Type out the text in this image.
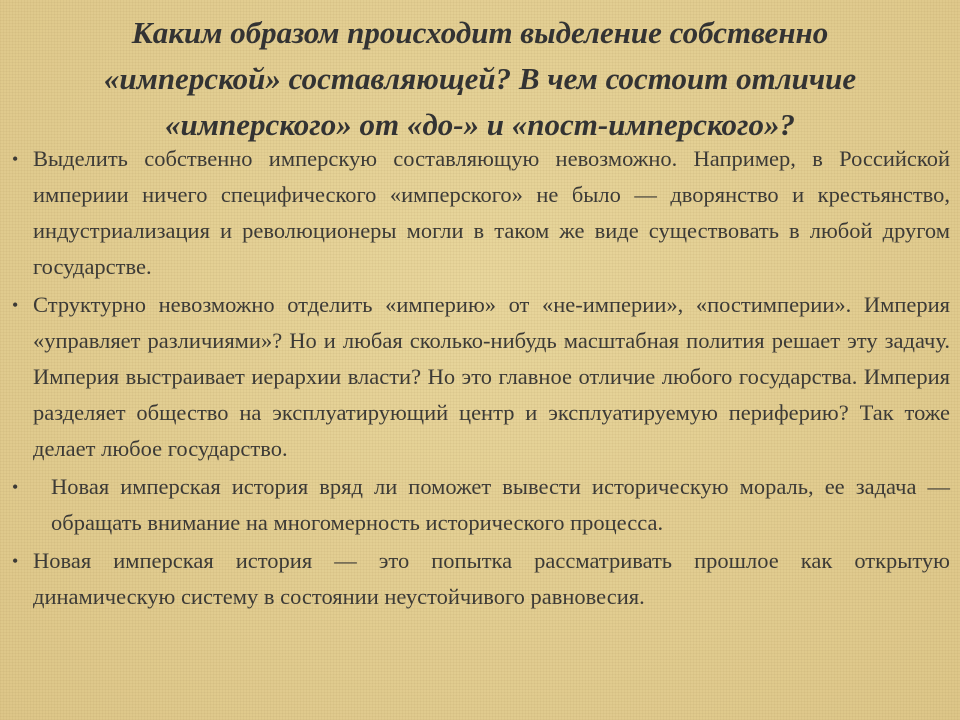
Каким образом происходит выделение собственно «имперской» составляющей? В чем состоит отличие «имперского» от «до-» и «пост-имперского»?
• Выделить собственно имперскую составляющую невозможно. Например, в Российской империии ничего специфического «имперского» не было — дворянство и крестьянство, индустриализация и революционеры могли в таком же виде существовать в любой другом государстве.
• Структурно невозможно отделить «империю» от «не-империи», «постимперии». Империя «управляет различиями»? Но и любая сколько-нибудь масштабная полития решает эту задачу. Империя выстраивает иерархии власти? Но это главное отличие любого государства. Империя разделяет общество на эксплуатирующий центр и эксплуатируемую периферию? Так тоже делает любое государство.
•	Новая имперская история вряд ли поможет вывести историческую мораль, ее задача — обращать внимание на многомерность исторического процесса.
• Новая имперская история — это попытка рассматривать прошлое как открытую динамическую систему в состоянии неустойчивого равновесия.
